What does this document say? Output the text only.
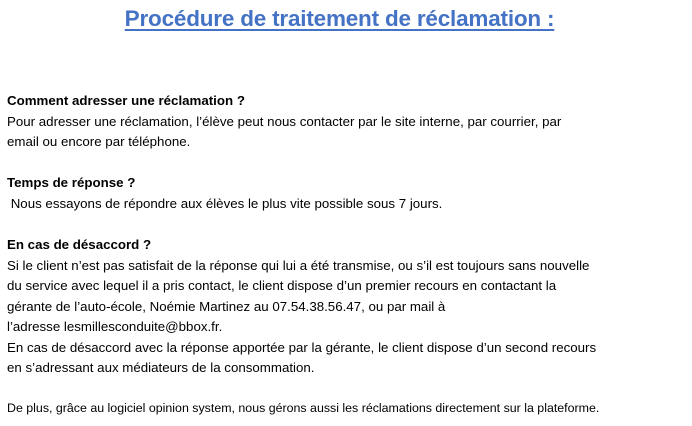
Procédure de traitement de réclamation :
Comment adresser une réclamation ?
Pour adresser une réclamation, l’élève peut nous contacter par le site interne, par courrier, par
email ou encore par téléphone.
Temps de réponse ?
Nous essayons de répondre aux élèves le plus vite possible sous 7 jours.
En cas de désaccord ?
Si le client n’est pas satisfait de la réponse qui lui a été transmise, ou s’il est toujours sans nouvelle
du service avec lequel il a pris contact, le client dispose d’un premier recours en contactant la
gérante de l’auto-école, Noémie Martinez au 07.54.38.56.47, ou par mail à
l’adresse lesmillesconduite@bbox.fr.
En cas de désaccord avec la réponse apportée par la gérante, le client dispose d’un second recours
en s’adressant aux médiateurs de la consommation.
De plus, grâce au logiciel opinion system, nous gérons aussi les réclamations directement sur la plateforme.
